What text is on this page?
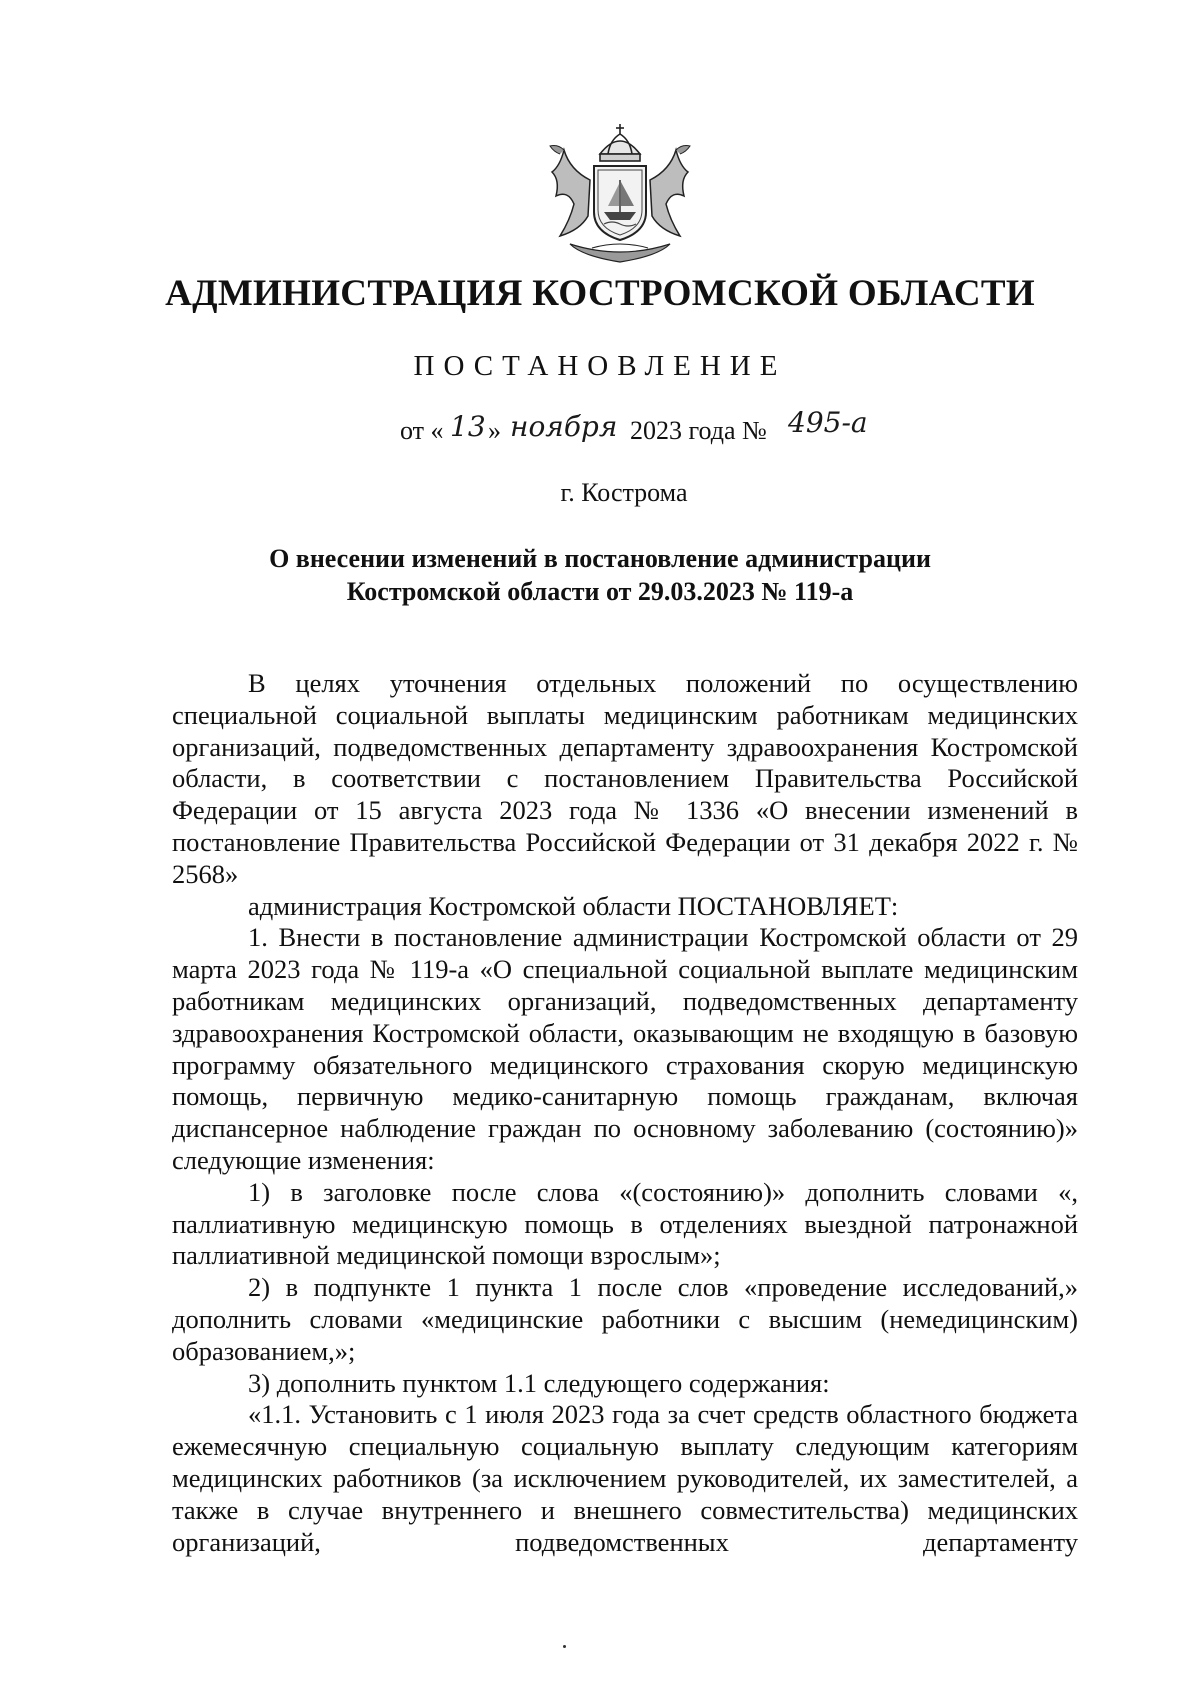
АДМИНИСТРАЦИЯ КОСТРОМСКОЙ ОБЛАСТИ
ПОСТАНОВЛЕНИЕ
от « 13 » ноября 2023 года № 495-а
г. Кострома
О внесении изменений в постановление администрации
Костромской области от 29.03.2023 № 119-а

В целях уточнения отдельных положений по осуществлению специальной социальной выплаты медицинским работникам медицинских организаций, подведомственных департаменту здравоохранения Костромской области, в соответствии с постановлением Правительства Российской Федерации от 15 августа 2023 года № 1336 «О внесении изменений в постановление Правительства Российской Федерации от 31 декабря 2022 г. № 2568»

администрация Костромской области ПОСТАНОВЛЯЕТ:

1. Внести в постановление администрации Костромской области от 29 марта 2023 года № 119-а «О специальной социальной выплате медицинским работникам медицинских организаций, подведомственных департаменту здравоохранения Костромской области, оказывающим не входящую в базовую программу обязательного медицинского страхования скорую медицинскую помощь, первичную медико-санитарную помощь гражданам, включая диспансерное наблюдение граждан по основному заболеванию (состоянию)» следующие изменения:

1) в заголовке после слова «(состоянию)» дополнить словами «, паллиативную медицинскую помощь в отделениях выездной патронажной паллиативной медицинской помощи взрослым»;

2) в подпункте 1 пункта 1 после слов «проведение исследований,» дополнить словами «медицинские работники с высшим (немедицинским) образованием,»;

3) дополнить пунктом 1.1 следующего содержания:

«1.1. Установить с 1 июля 2023 года за счет средств областного бюджета ежемесячную специальную социальную выплату следующим категориям медицинских работников (за исключением руководителей, их заместителей, а также в случае внутреннего и внешнего совместительства) медицинских организаций, подведомственных департаменту
